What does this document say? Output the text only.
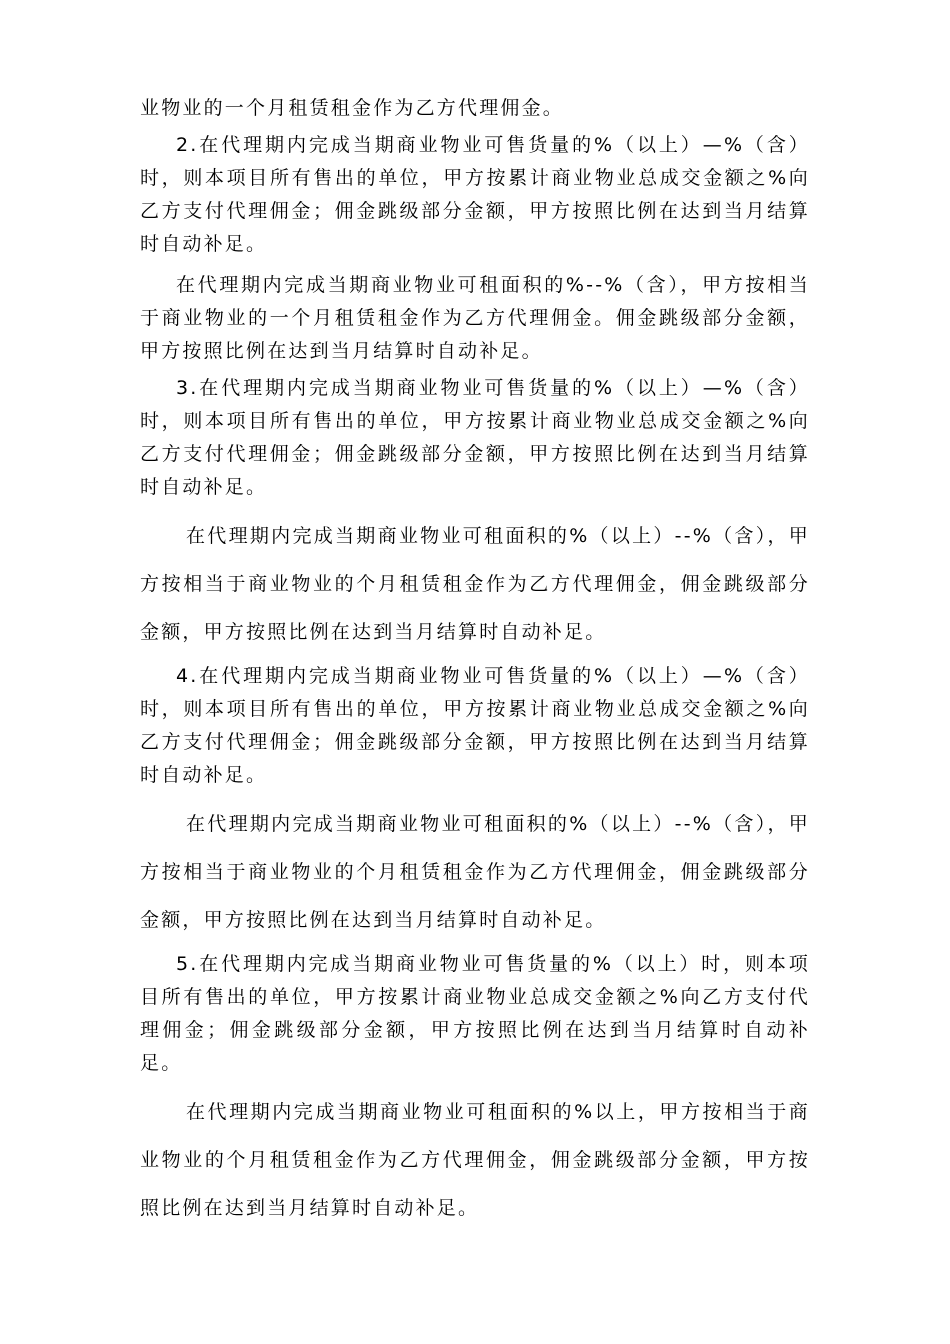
业物业的一个月租赁租金作为乙方代理佣金。

2.在代理期内完成当期商业物业可售货量的%（以上）—%（含）时，则本项目所有售出的单位，甲方按累计商业物业总成交金额之%向乙方支付代理佣金；佣金跳级部分金额，甲方按照比例在达到当月结算时自动补足。

在代理期内完成当期商业物业可租面积的%--%（含），甲方按相当于商业物业的一个月租赁租金作为乙方代理佣金。佣金跳级部分金额，甲方按照比例在达到当月结算时自动补足。

3.在代理期内完成当期商业物业可售货量的%（以上）—%（含）时，则本项目所有售出的单位，甲方按累计商业物业总成交金额之%向乙方支付代理佣金；佣金跳级部分金额，甲方按照比例在达到当月结算时自动补足。

在代理期内完成当期商业物业可租面积的%（以上）--%（含），甲方按相当于商业物业的个月租赁租金作为乙方代理佣金，佣金跳级部分金额，甲方按照比例在达到当月结算时自动补足。

4.在代理期内完成当期商业物业可售货量的%（以上）—%（含）时，则本项目所有售出的单位，甲方按累计商业物业总成交金额之%向乙方支付代理佣金；佣金跳级部分金额，甲方按照比例在达到当月结算时自动补足。

在代理期内完成当期商业物业可租面积的%（以上）--%（含），甲方按相当于商业物业的个月租赁租金作为乙方代理佣金，佣金跳级部分金额，甲方按照比例在达到当月结算时自动补足。

5.在代理期内完成当期商业物业可售货量的%（以上）时，则本项目所有售出的单位，甲方按累计商业物业总成交金额之%向乙方支付代理佣金；佣金跳级部分金额，甲方按照比例在达到当月结算时自动补足。

在代理期内完成当期商业物业可租面积的%以上，甲方按相当于商业物业的个月租赁租金作为乙方代理佣金，佣金跳级部分金额，甲方按照比例在达到当月结算时自动补足。
